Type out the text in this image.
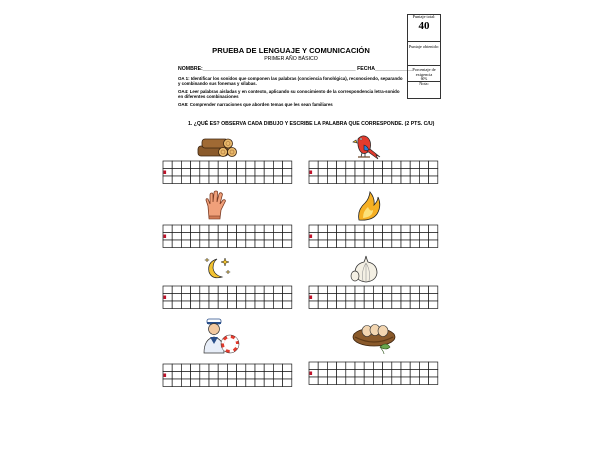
PRUEBA DE LENGUAJE Y COMUNICACIÓN
PRIMER AÑO BÁSICO
NOMBRE:_____________________________________________________ FECHA_____________
OA 1: Identificar los sonidos que componen las palabras (conciencia fonológica), reconociendo, separando y combinando sus fonemas y sílabas.
OA4: Leer palabras aisladas y en contexto, aplicando su conocimiento de la correspondencia letra-sonido en diferentes combinaciones
OA8: Comprender narraciones que aborden temas que les sean familiares
Puntaje total:
40
Puntaje obtenido:
Porcentaje de exigencia
60%
Nota:
1. ¿QUÉ ES? OBSERVA CADA DIBUJO Y ESCRIBE LA PALABRA QUE CORRESPONDE. (2 PTS. C/U)
